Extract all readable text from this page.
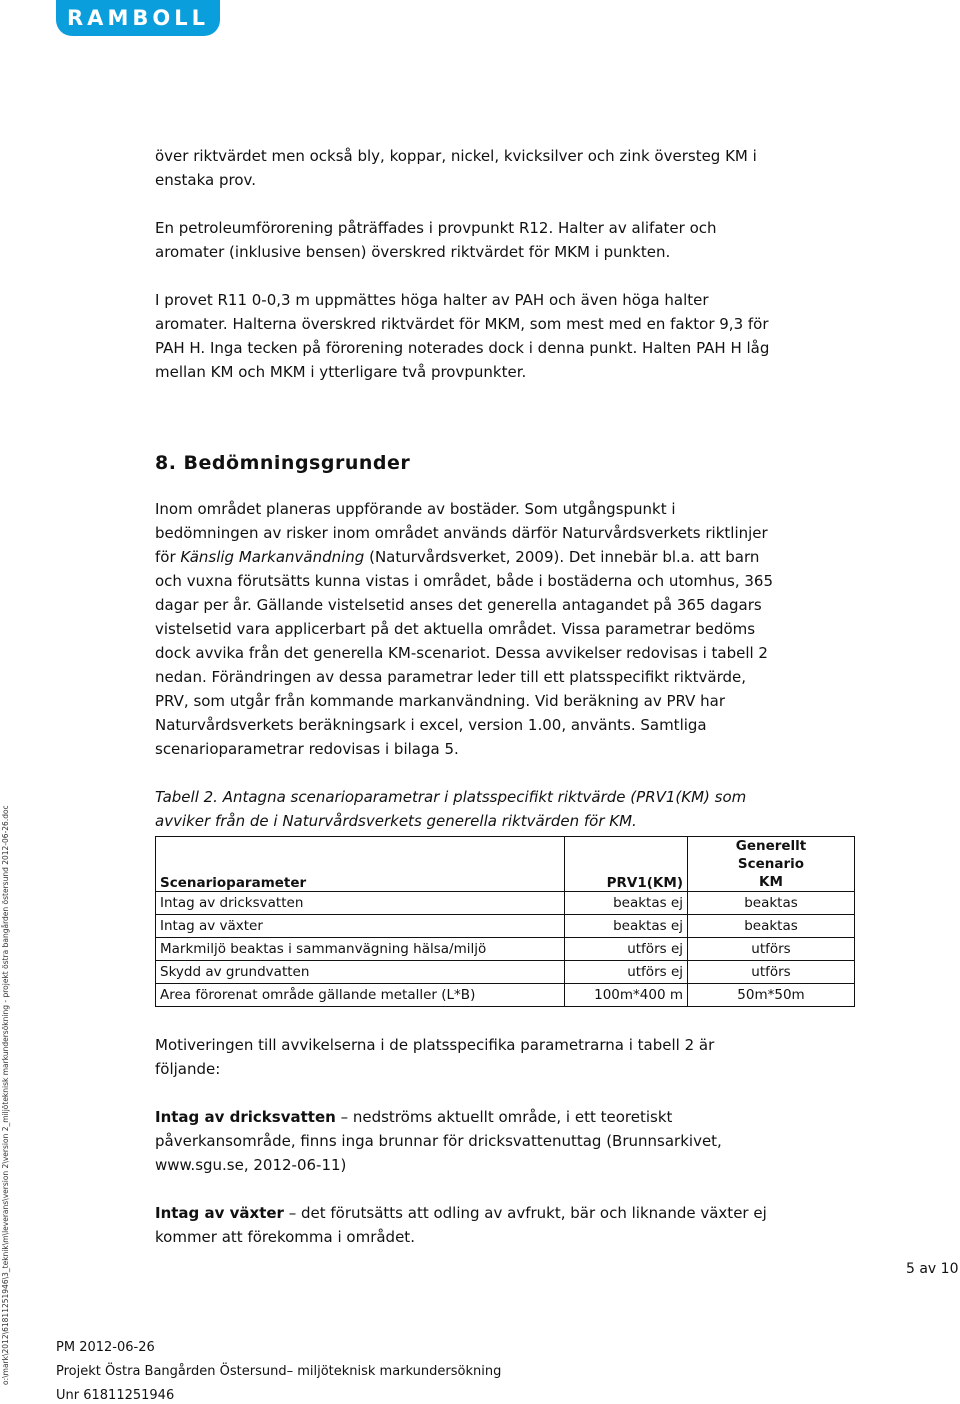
RAMBOLL

över riktvärdet men också bly, koppar, nickel, kvicksilver och zink översteg KM i

enstaka prov.

En petroleumförorening påträffades i provpunkt R12. Halter av alifater och

aromater (inklusive bensen) överskred riktvärdet för MKM i punkten.

I provet R11 0-0,3 m uppmättes höga halter av PAH och även höga halter

aromater. Halterna överskred riktvärdet för MKM, som mest med en faktor 9,3 för

PAH H. Inga tecken på förorening noterades dock i denna punkt. Halten PAH H låg

mellan KM och MKM i ytterligare två provpunkter.

8. Bedömningsgrunder

Inom området planeras uppförande av bostäder. Som utgångspunkt i

bedömningen av risker inom området används därför Naturvårdsverkets riktlinjer

för Känslig Markanvändning (Naturvårdsverket, 2009). Det innebär bl.a. att barn

och vuxna förutsätts kunna vistas i området, både i bostäderna och utomhus, 365

dagar per år. Gällande vistelsetid anses det generella antagandet på 365 dagars

vistelsetid vara applicerbart på det aktuella området. Vissa parametrar bedöms

dock avvika från det generella KM-scenariot. Dessa avvikelser redovisas i tabell 2

nedan. Förändringen av dessa parametrar leder till ett platsspecifikt riktvärde,

PRV, som utgår från kommande markanvändning. Vid beräkning av PRV har

Naturvårdsverkets beräkningsark i excel, version 1.00, använts. Samtliga

scenarioparametrar redovisas i bilaga 5.

Tabell 2. Antagna scenarioparametrar i platsspecifikt riktvärde (PRV1(KM) som
avviker från de i Naturvårdsverkets generella riktvärden för KM.
Scenarioparameter	PRV1(KM)	Generellt
Scenario
KM

Intag av dricksvatten	beaktas ej	beaktas
Intag av växter	beaktas ej	beaktas
Markmiljö beaktas i sammanvägning hälsa/miljö	utförs ej	utförs
Skydd av grundvatten	utförs ej	utförs
Area förorenat område gällande metaller (L*B)	100m*400 m	50m*50m

Motiveringen till avvikelserna i de platsspecifika parametrarna i tabell 2 är

följande:

Intag av dricksvatten – nedströms aktuellt område, i ett teoretiskt

påverkansområde, finns inga brunnar för dricksvattenuttag (Brunnsarkivet,

www.sgu.se, 2012-06-11)

Intag av växter – det förutsätts att odling av avfrukt, bär och liknande växter ej

kommer att förekomma i området.

5 av 10
PM 2012-06-26
Projekt Östra Bangården Östersund– miljöteknisk markundersökning
Unr 61811251946
o:\mark\2012\61811251946\3_teknik\m\leverans\version 2\version 2_miljöteknisk markundersökning - projekt östra bangården östersund 2012-06-26.doc
